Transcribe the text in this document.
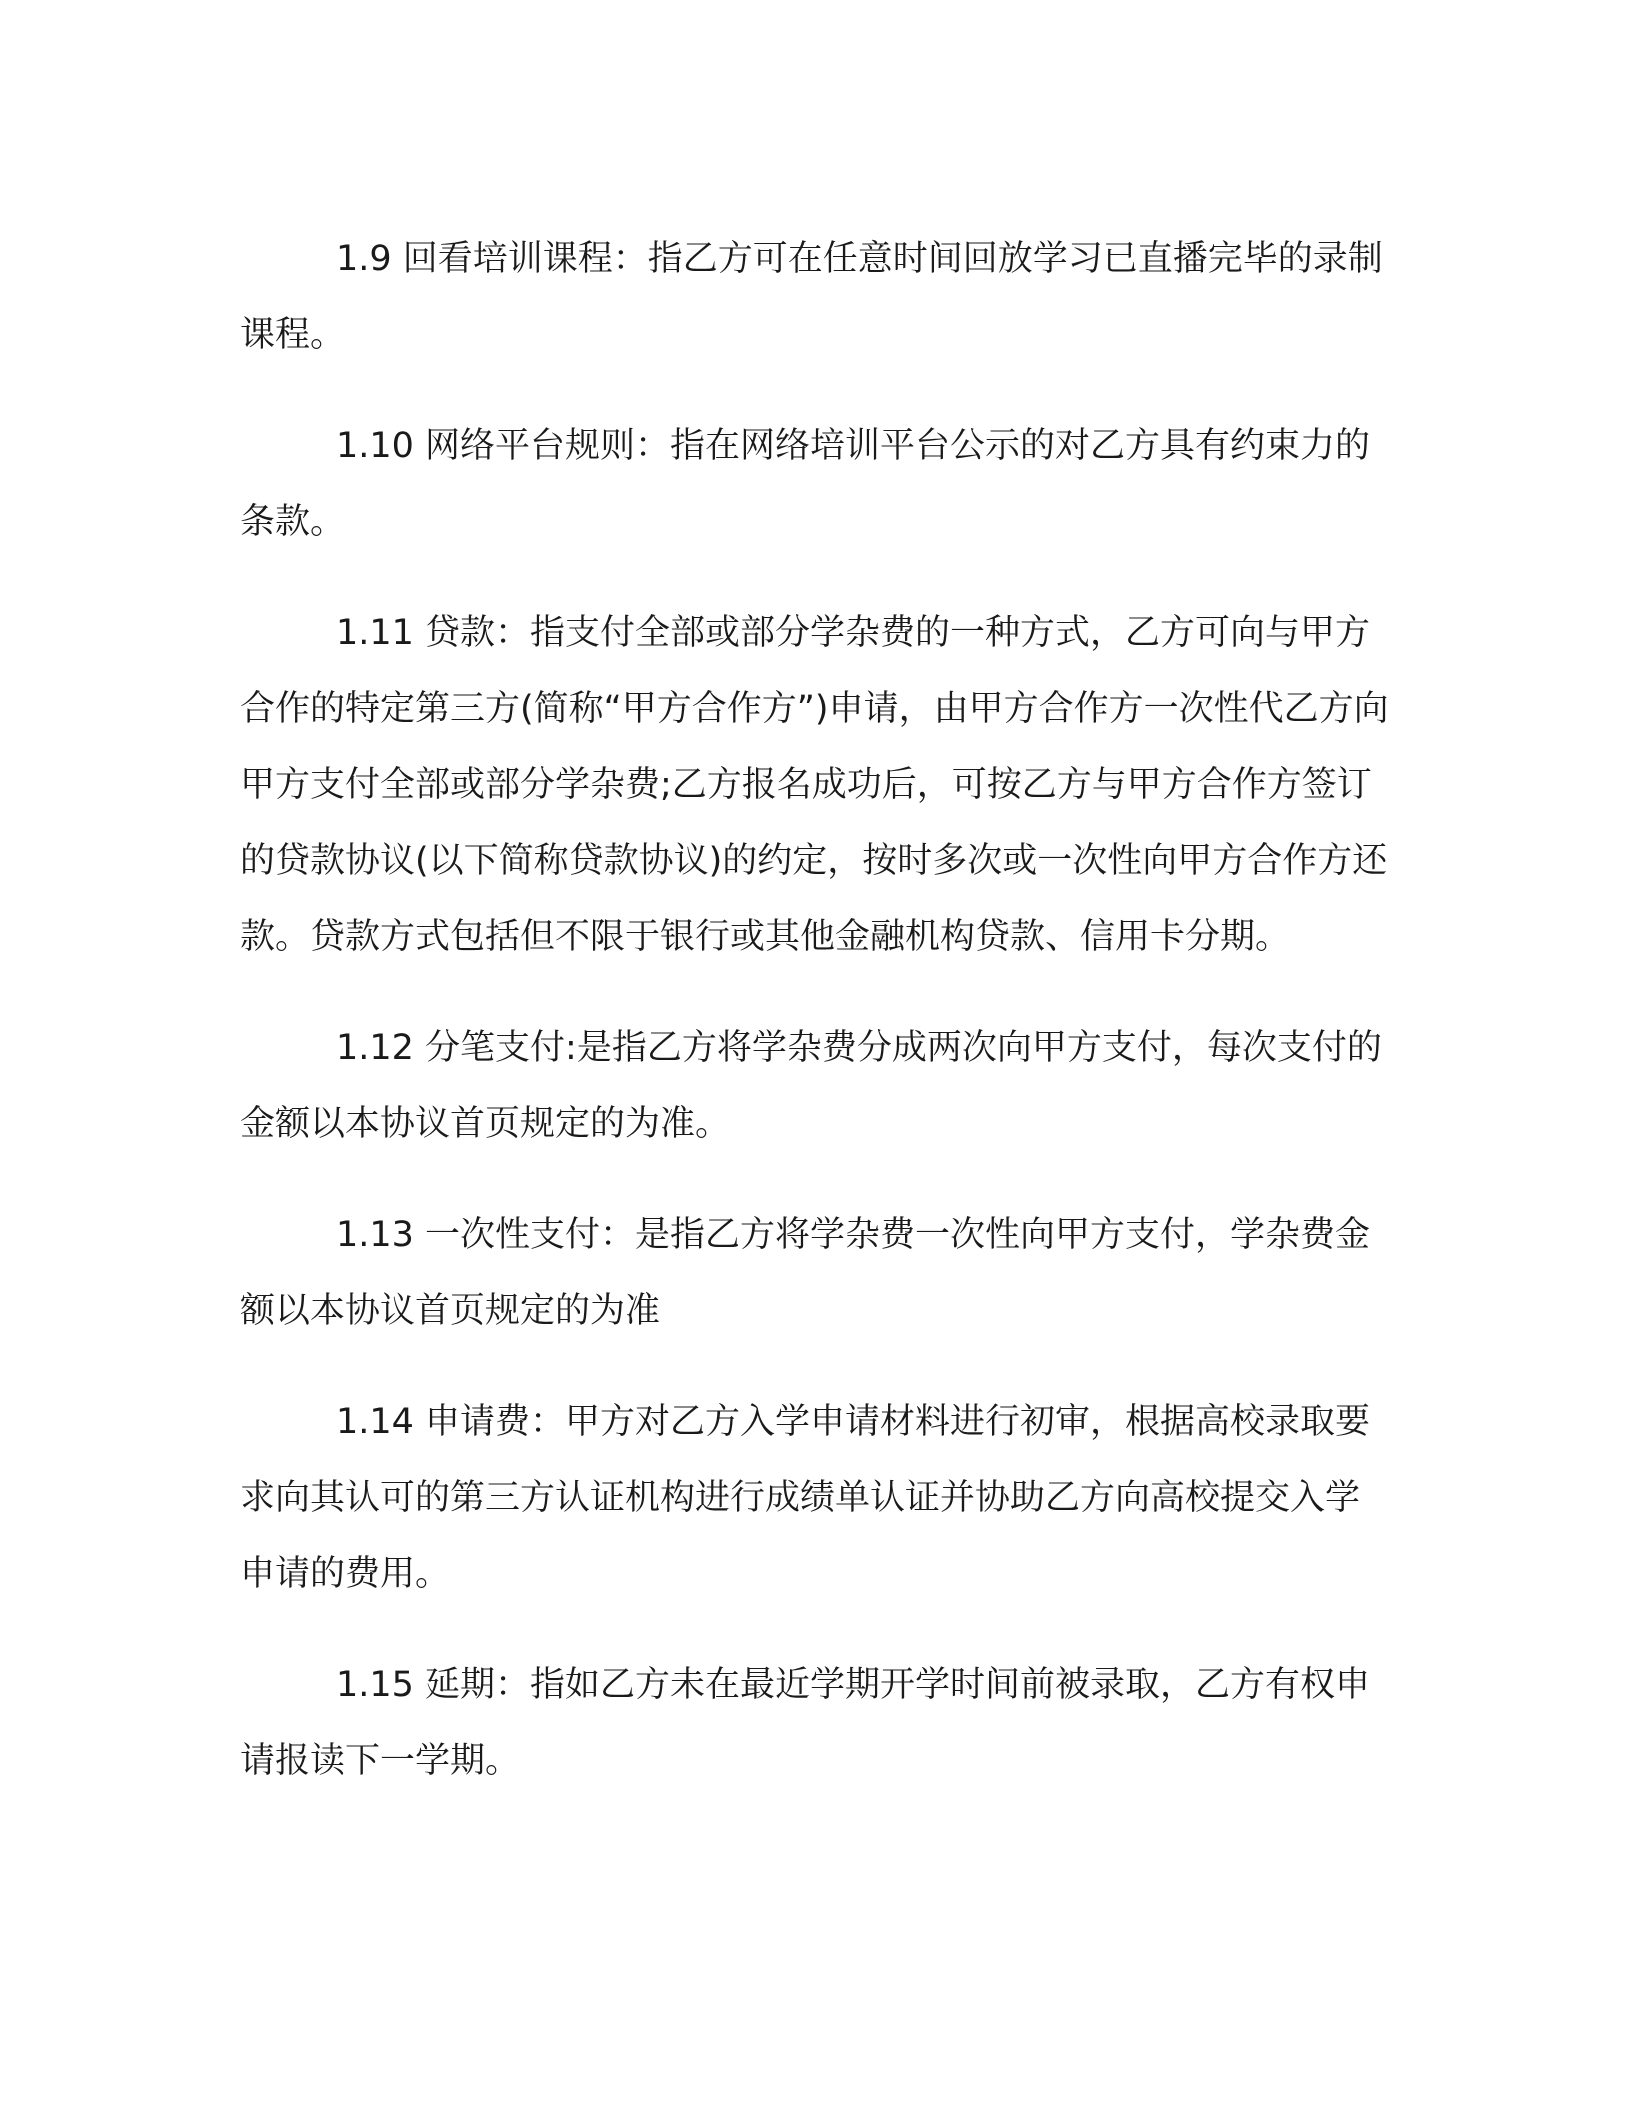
1.9 回看培训课程：指乙方可在任意时间回放学习已直播完毕的录制课程。

1.10 网络平台规则：指在网络培训平台公示的对乙方具有约束力的条款。

1.11 贷款：指支付全部或部分学杂费的一种方式，乙方可向与甲方合作的特定第三方(简称“甲方合作方”)申请，由甲方合作方一次性代乙方向甲方支付全部或部分学杂费;乙方报名成功后，可按乙方与甲方合作方签订的贷款协议(以下简称贷款协议)的约定，按时多次或一次性向甲方合作方还款。贷款方式包括但不限于银行或其他金融机构贷款、信用卡分期。

1.12 分笔支付:是指乙方将学杂费分成两次向甲方支付，每次支付的金额以本协议首页规定的为准。

1.13 一次性支付：是指乙方将学杂费一次性向甲方支付，学杂费金额以本协议首页规定的为准

1.14 申请费：甲方对乙方入学申请材料进行初审，根据高校录取要求向其认可的第三方认证机构进行成绩单认证并协助乙方向高校提交入学申请的费用。

1.15 延期：指如乙方未在最近学期开学时间前被录取，乙方有权申请报读下一学期。
